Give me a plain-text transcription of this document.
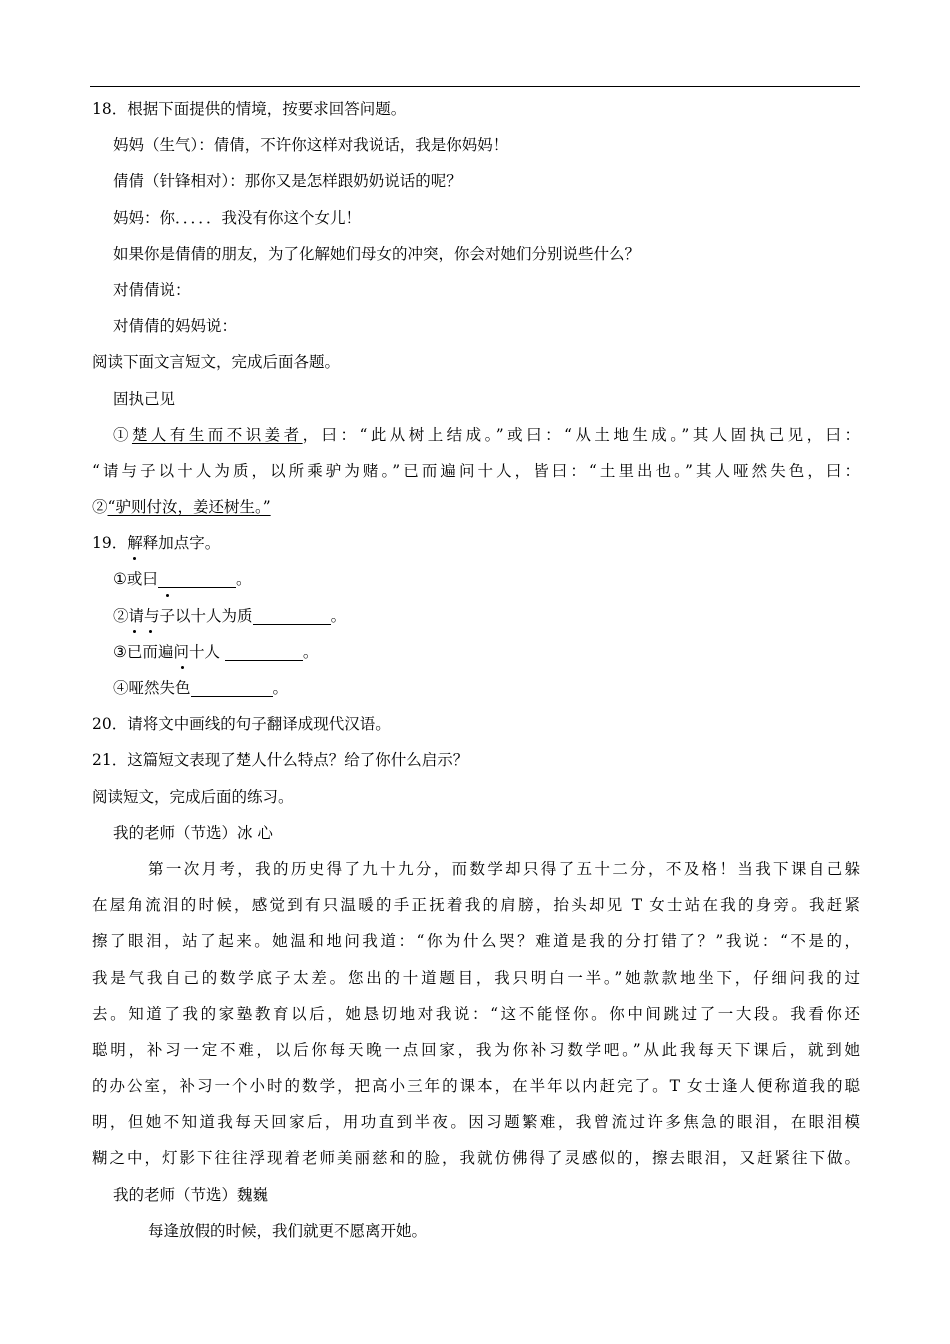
18．根据下面提供的情境，按要求回答问题。
妈妈（生气）：倩倩，不许你这样对我说话，我是你妈妈！
倩倩（针锋相对）：那你又是怎样跟奶奶说话的呢？
妈妈：你．．．．．我没有你这个女儿！
如果你是倩倩的朋友，为了化解她们母女的冲突，你会对她们分别说些什么？
对倩倩说：
对倩倩的妈妈说：
阅读下面文言短文，完成后面各题。
固执己见
①楚人有生而不识姜者，曰：“此从树上结成。”或曰：“从土地生成。”其人固执己见，曰：
“请与子以十人为质，以所乘驴为赌。”已而遍问十人，皆曰：“土里出也。”其人哑然失色，曰：
②“驴则付汝，姜还树生。”
19．解释加点字。
①或曰	。
②请与子以十人为质	。
③已而遍问十人	。
④哑然失色	。
20．请将文中画线的句子翻译成现代汉语。
21．这篇短文表现了楚人什么特点？给了你什么启示？
阅读短文，完成后面的练习。
我的老师（节选）冰 心
第一次月考，我的历史得了九十九分，而数学却只得了五十二分，不及格！当我下课自己躲
在屋角流泪的时候，感觉到有只温暖的手正抚着我的肩膀，抬头却见 T 女士站在我的身旁。我赶紧
擦了眼泪，站了起来。她温和地问我道：“你为什么哭？难道是我的分打错了？”我说：“不是的，
我是气我自己的数学底子太差。您出的十道题目，我只明白一半。”她款款地坐下，仔细问我的过
去。知道了我的家塾教育以后，她恳切地对我说：“这不能怪你。你中间跳过了一大段。我看你还
聪明，补习一定不难，以后你每天晚一点回家，我为你补习数学吧。”从此我每天下课后，就到她
的办公室，补习一个小时的数学，把高小三年的课本，在半年以内赶完了。T 女士逢人便称道我的聪
明，但她不知道我每天回家后，用功直到半夜。因习题繁难，我曾流过许多焦急的眼泪，在眼泪模
糊之中，灯影下往往浮现着老师美丽慈和的脸，我就仿佛得了灵感似的，擦去眼泪，又赶紧往下做。
我的老师（节选）魏巍
每逢放假的时候，我们就更不愿离开她。
